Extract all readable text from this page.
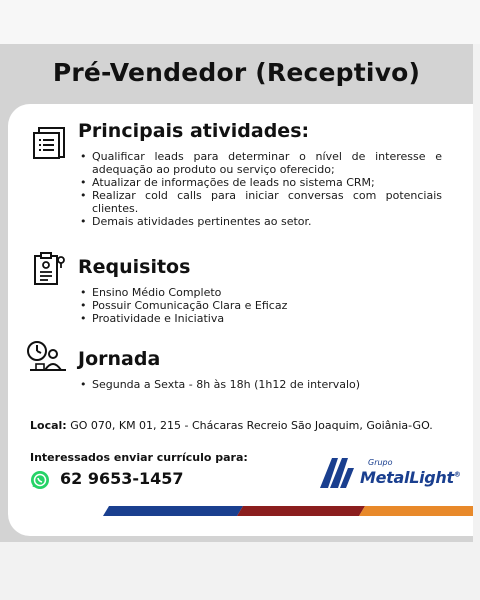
Pré-Vendedor (Receptivo)
Principais atividades:
• Qualificar leads para determinar o nível de interesse e adequação ao produto ou serviço oferecido;
• Atualizar de informações de leads no sistema CRM;
• Realizar cold calls para iniciar conversas com potenciais clientes.
• Demais atividades pertinentes ao setor.
Requisitos
• Ensino Médio Completo
• Possuir Comunicação Clara e Eficaz
• Proatividade e Iniciativa
Jornada
• Segunda a Sexta - 8h às 18h (1h12 de intervalo)
Local: GO 070, KM 01, 215 - Chácaras Recreio São Joaquim, Goiânia-GO.
Interessados enviar currículo para:
62 9653-1457
Grupo
MetalLight®
